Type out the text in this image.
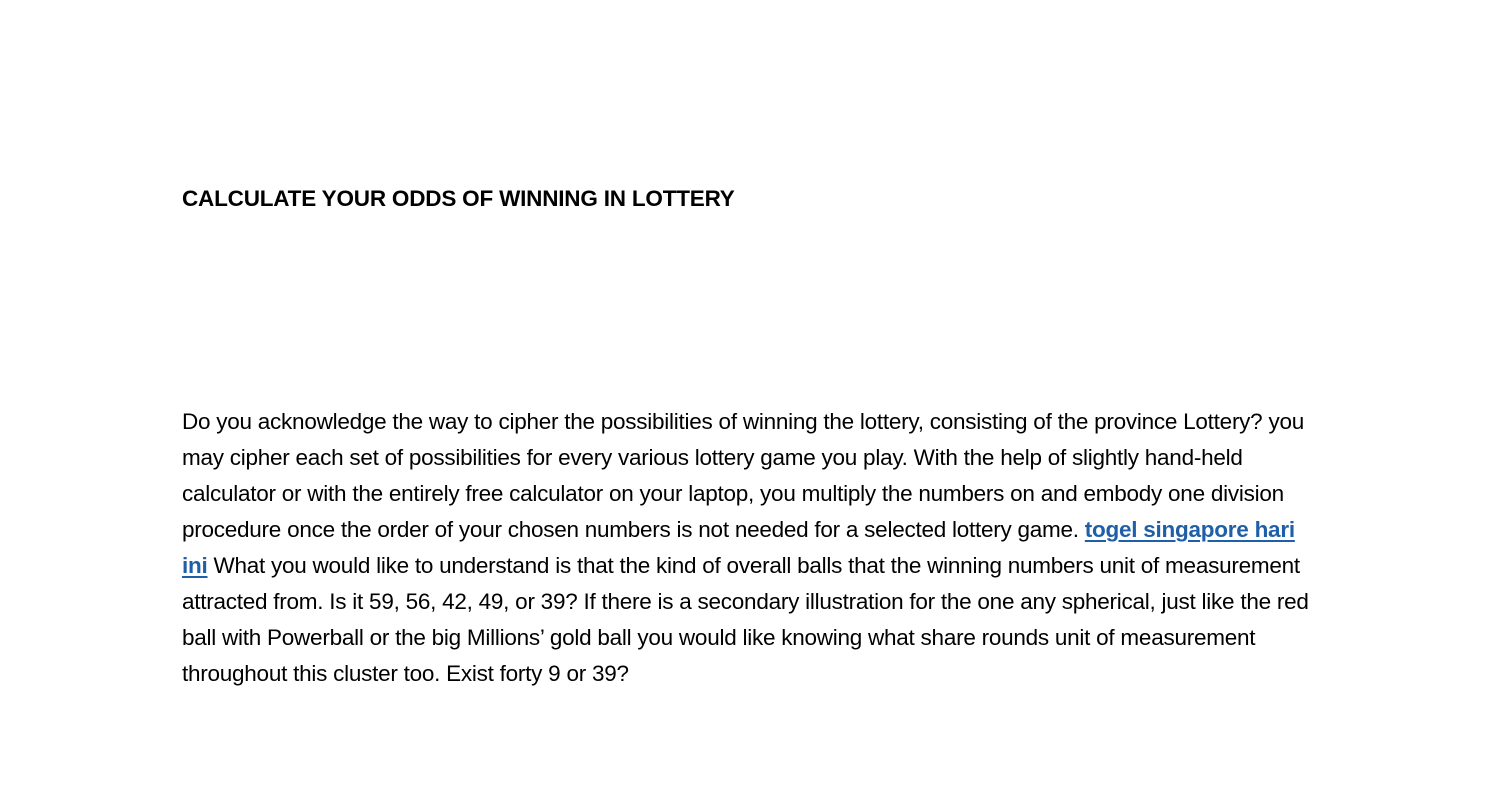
CALCULATE YOUR ODDS OF WINNING IN LOTTERY

Do you acknowledge the way to cipher the possibilities of winning the lottery, consisting of the province Lottery? you may cipher each set of possibilities for every various lottery game you play. With the help of slightly hand-held calculator or with the entirely free calculator on your laptop, you multiply the numbers on and embody one division procedure once the order of your chosen numbers is not needed for a selected lottery game. togel singapore hari ini What you would like to understand is that the kind of overall balls that the winning numbers unit of measurement attracted from. Is it 59, 56, 42, 49, or 39? If there is a secondary illustration for the one any spherical, just like the red ball with Powerball or the big Millions’ gold ball you would like knowing what share rounds unit of measurement throughout this cluster too. Exist forty 9 or 39?
